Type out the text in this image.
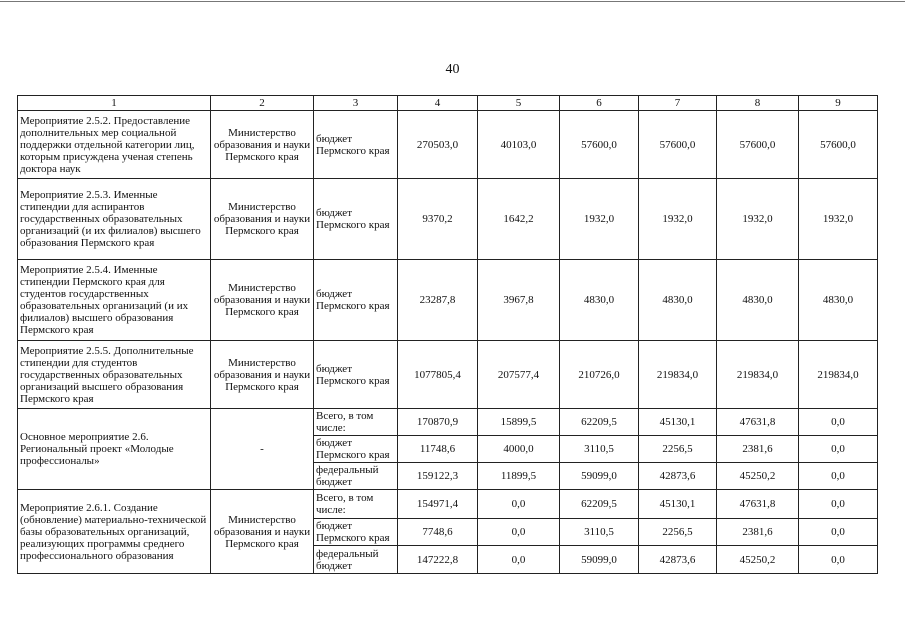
40
1	2	3	4	5	6	7	8	9
Мероприятие 2.5.2. Предоставление дополнительных мер социальной поддержки отдельной категории лиц, которым присуждена ученая степень доктора наук	Министерство образования и науки Пермского края	бюджет Пермского края	270503,0	40103,0	57600,0	57600,0	57600,0	57600,0
Мероприятие 2.5.3. Именные стипендии для аспирантов государственных образовательных организаций (и их филиалов) высшего образования Пермского края	Министерство образования и науки Пермского края	бюджет Пермского края	9370,2	1642,2	1932,0	1932,0	1932,0	1932,0
Мероприятие 2.5.4. Именные стипендии Пермского края для студентов государственных образовательных организаций (и их филиалов) высшего образования Пермского края	Министерство образования и науки Пермского края	бюджет Пермского края	23287,8	3967,8	4830,0	4830,0	4830,0	4830,0
Мероприятие 2.5.5. Дополнительные стипендии для студентов государственных образовательных организаций высшего образования Пермского края	Министерство образования и науки Пермского края	бюджет Пермского края	1077805,4	207577,4	210726,0	219834,0	219834,0	219834,0
Основное мероприятие 2.6. Региональный проект «Молодые профессионалы»	-	Всего, в том числе:	170870,9	15899,5	62209,5	45130,1	47631,8	0,0
		бюджет Пермского края	11748,6	4000,0	3110,5	2256,5	2381,6	0,0
		федеральный бюджет	159122,3	11899,5	59099,0	42873,6	45250,2	0,0
Мероприятие 2.6.1. Создание (обновление) материально-технической базы образовательных организаций, реализующих программы среднего профессионального образования	Министерство образования и науки Пермского края	Всего, в том числе:	154971,4	0,0	62209,5	45130,1	47631,8	0,0
		бюджет Пермского края	7748,6	0,0	3110,5	2256,5	2381,6	0,0
		федеральный бюджет	147222,8	0,0	59099,0	42873,6	45250,2	0,0
